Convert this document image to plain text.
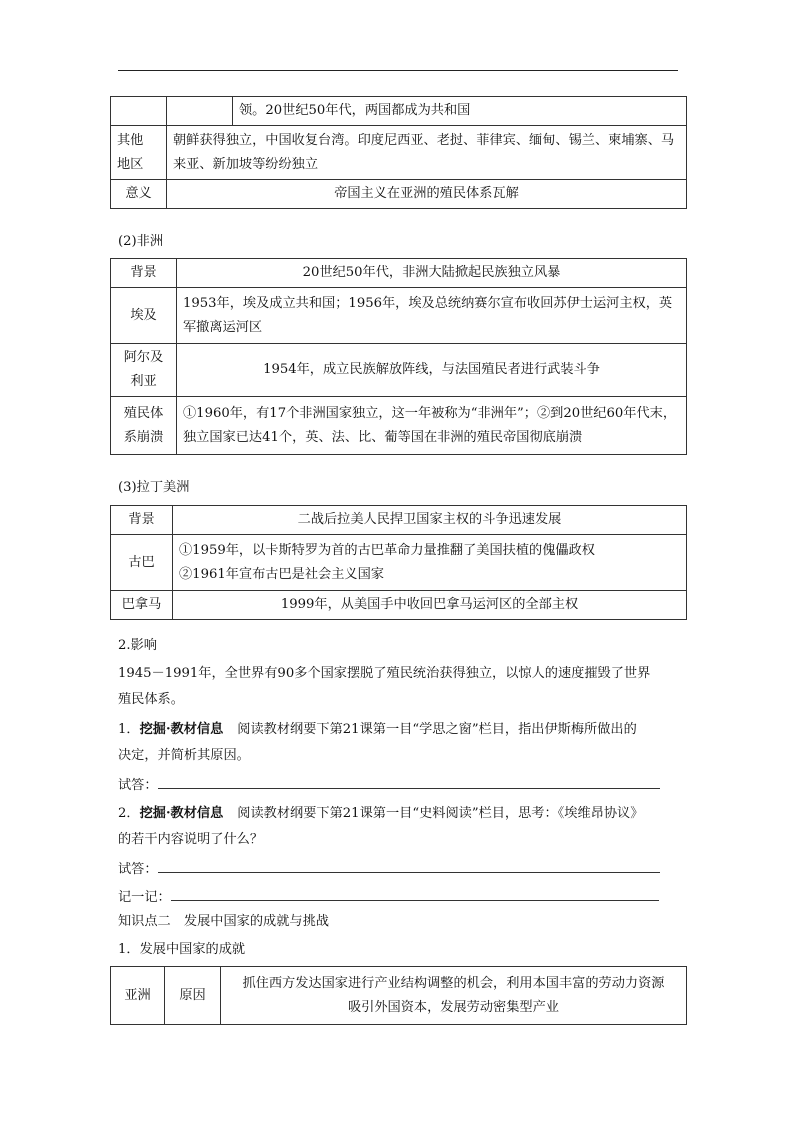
		领。20世纪50年代，两国都成为共和国
其他
地区	朝鲜获得独立，中国收复台湾。印度尼西亚、老挝、菲律宾、缅甸、锡兰、柬埔寨、马来亚、新加坡等纷纷独立	
意义	帝国主义在亚洲的殖民体系瓦解	
(2)非洲
背景	20世纪50年代，非洲大陆掀起民族独立风暴
埃及	1953年，埃及成立共和国；1956年，埃及总统纳赛尔宣布收回苏伊士运河主权，英军撤离运河区
阿尔及
利亚	1954年，成立民族解放阵线，与法国殖民者进行武装斗争
殖民体
系崩溃	①1960年，有17个非洲国家独立，这一年被称为“非洲年”；②到20世纪60年代末，独立国家已达41个，英、法、比、葡等国在非洲的殖民帝国彻底崩溃
(3)拉丁美洲
背景	二战后拉美人民捍卫国家主权的斗争迅速发展
古巴	①1959年，以卡斯特罗为首的古巴革命力量推翻了美国扶植的傀儡政权
②1961年宣布古巴是社会主义国家

巴拿马	1999年，从美国手中收回巴拿马运河区的全部主权
2.影响
1945－1991年，全世界有90多个国家摆脱了殖民统治获得独立，以惊人的速度摧毁了世界
殖民体系。
1．挖掘·教材信息 阅读教材纲要下第21课第一目“学思之窗”栏目，指出伊斯梅所做出的
决定，并简析其原因。
试答：
2．挖掘·教材信息 阅读教材纲要下第21课第一目“史料阅读”栏目，思考：《埃维昂协议》
的若干内容说明了什么？
试答：
记一记：
知识点二　发展中国家的成就与挑战
1．发展中国家的成就
亚洲	原因	
抓住西方发达国家进行产业结构调整的机会，利用本国丰富的劳动力资源
吸引外国资本，发展劳动密集型产业
